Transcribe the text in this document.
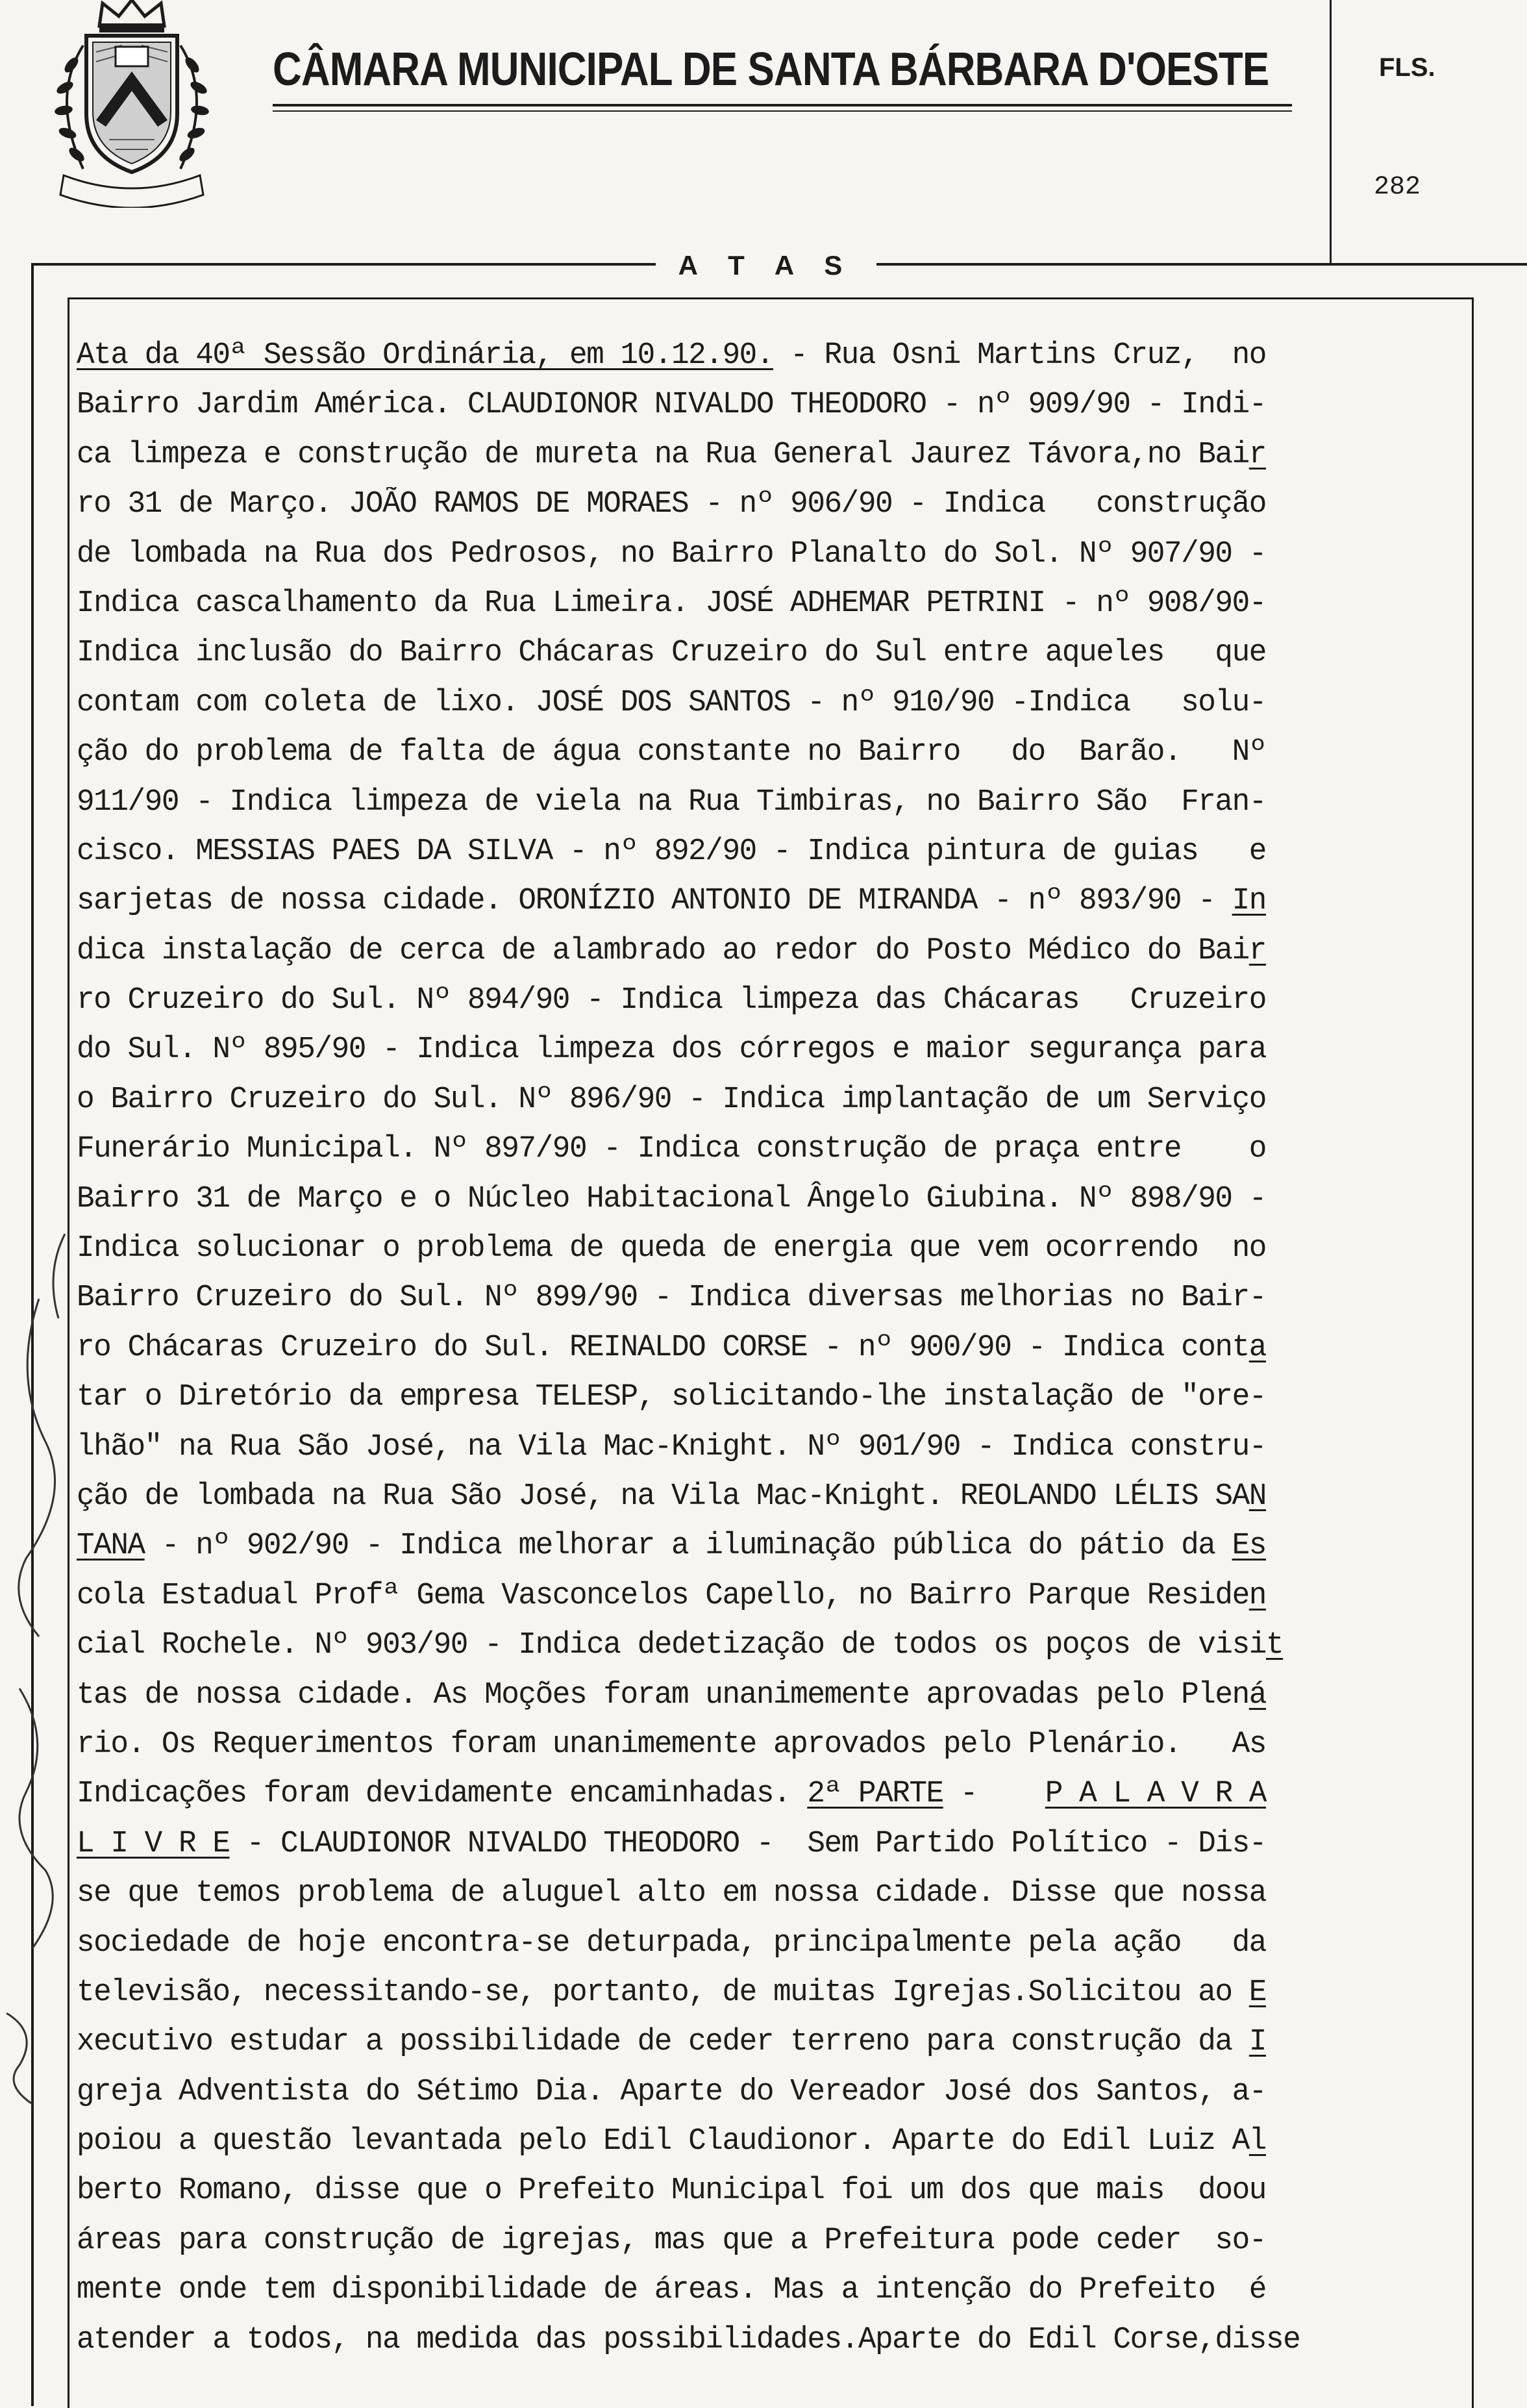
CÂMARA MUNICIPAL DE SANTA BÁRBARA D'OESTE	FLS.
282
A T A S
Ata da 40ª Sessão Ordinária, em 10.12.90. - Rua Osni Martins Cruz,  no
Bairro Jardim América. CLAUDIONOR NIVALDO THEODORO - nº 909/90 - Indi-
ca limpeza e construção de mureta na Rua General Jaurez Távora,no Bair
ro 31 de Março. JOÃO RAMOS DE MORAES - nº 906/90 - Indica   construção
de lombada na Rua dos Pedrosos, no Bairro Planalto do Sol. Nº 907/90 -
Indica cascalhamento da Rua Limeira. JOSÉ ADHEMAR PETRINI - nº 908/90-
Indica inclusão do Bairro Chácaras Cruzeiro do Sul entre aqueles   que
contam com coleta de lixo. JOSÉ DOS SANTOS - nº 910/90 -Indica   solu-
ção do problema de falta de água constante no Bairro   do  Barão.   Nº
911/90 - Indica limpeza de viela na Rua Timbiras, no Bairro São  Fran-
cisco. MESSIAS PAES DA SILVA - nº 892/90 - Indica pintura de guias   e
sarjetas de nossa cidade. ORONÍZIO ANTONIO DE MIRANDA - nº 893/90 - In
dica instalação de cerca de alambrado ao redor do Posto Médico do Bair
ro Cruzeiro do Sul. Nº 894/90 - Indica limpeza das Chácaras   Cruzeiro
do Sul. Nº 895/90 - Indica limpeza dos córregos e maior segurança para
o Bairro Cruzeiro do Sul. Nº 896/90 - Indica implantação de um Serviço
Funerário Municipal. Nº 897/90 - Indica construção de praça entre    o
Bairro 31 de Março e o Núcleo Habitacional Ângelo Giubina. Nº 898/90 -
Indica solucionar o problema de queda de energia que vem ocorrendo  no
Bairro Cruzeiro do Sul. Nº 899/90 - Indica diversas melhorias no Bair-
ro Chácaras Cruzeiro do Sul. REINALDO CORSE - nº 900/90 - Indica conta
tar o Diretório da empresa TELESP, solicitando-lhe instalação de "ore-
lhão" na Rua São José, na Vila Mac-Knight. Nº 901/90 - Indica constru-
ção de lombada na Rua São José, na Vila Mac-Knight. REOLANDO LÉLIS SAN
TANA - nº 902/90 - Indica melhorar a iluminação pública do pátio da Es
cola Estadual Profª Gema Vasconcelos Capello, no Bairro Parque Residen
cial Rochele. Nº 903/90 - Indica dedetização de todos os poços de visit
tas de nossa cidade. As Moções foram unanimemente aprovadas pelo Plená
rio. Os Requerimentos foram unanimemente aprovados pelo Plenário.   As
Indicações foram devidamente encaminhadas. 2ª PARTE -    P A L A V R A
L I V R E - CLAUDIONOR NIVALDO THEODORO -  Sem Partido Político - Dis-
se que temos problema de aluguel alto em nossa cidade. Disse que nossa
sociedade de hoje encontra-se deturpada, principalmente pela ação   da
televisão, necessitando-se, portanto, de muitas Igrejas.Solicitou ao E
xecutivo estudar a possibilidade de ceder terreno para construção da I
greja Adventista do Sétimo Dia. Aparte do Vereador José dos Santos, a-
poiou a questão levantada pelo Edil Claudionor. Aparte do Edil Luiz Al
berto Romano, disse que o Prefeito Municipal foi um dos que mais  doou
áreas para construção de igrejas, mas que a Prefeitura pode ceder  so-
mente onde tem disponibilidade de áreas. Mas a intenção do Prefeito  é
atender a todos, na medida das possibilidades.Aparte do Edil Corse,disse
